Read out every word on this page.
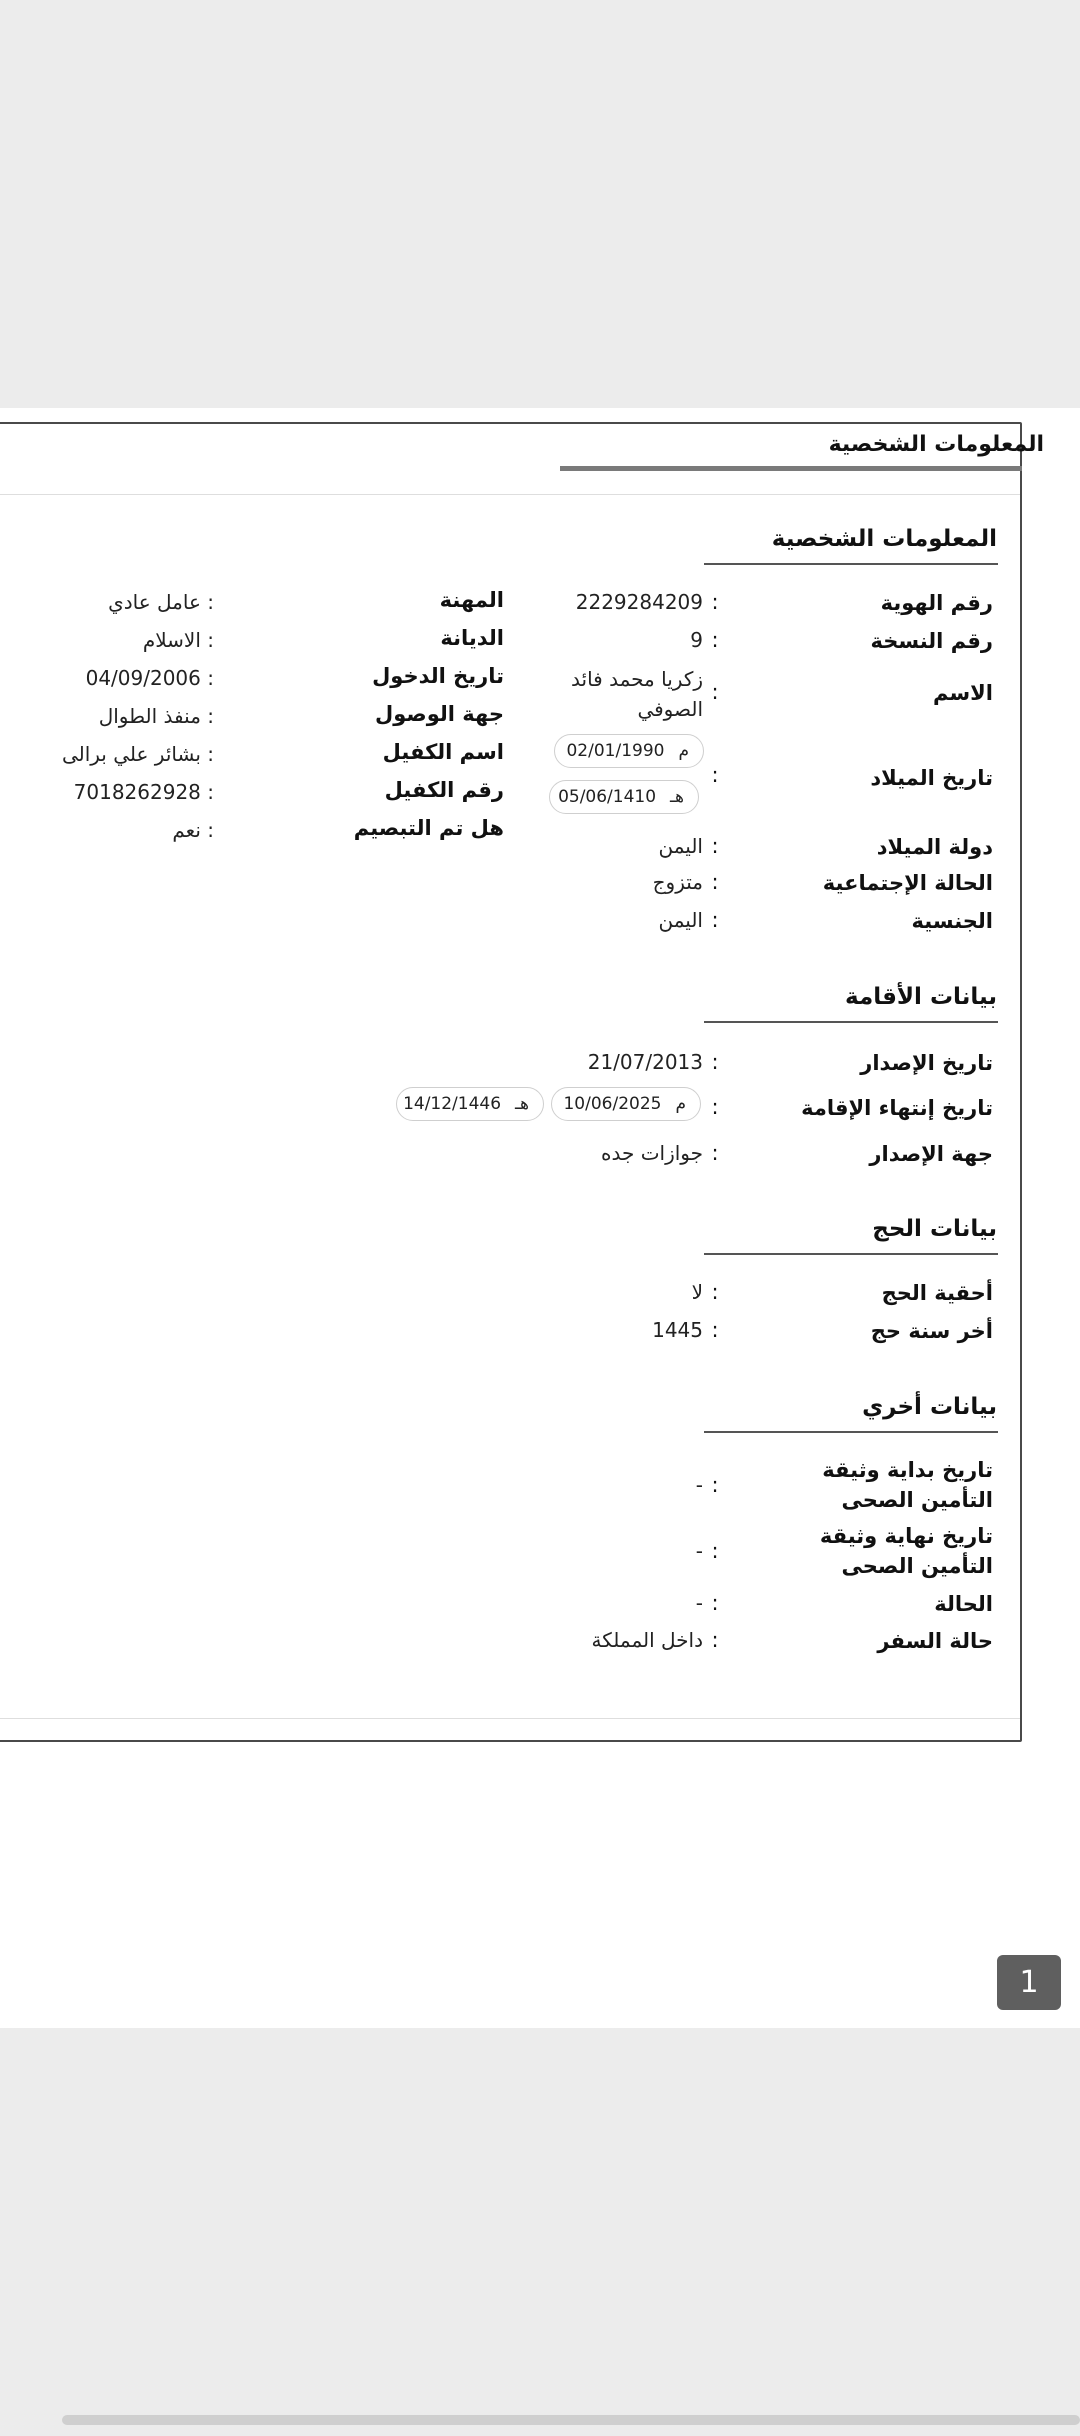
المعلومات الشخصية
المعلومات الشخصية
رقم الهوية
:
2229284209
رقم النسخة
:
9
الاسم
:
زكريا محمد فائد الصوفي
تاريخ الميلاد
:
م
02/01/1990
هـ
05/06/1410
دولة الميلاد
:
اليمن
الحالة الإجتماعية
:
متزوج
الجنسية
:
اليمن
المهنة
: عامل عادي
الديانة
: الاسلام
تاريخ الدخول
: 04/09/2006
جهة الوصول
: منفذ الطوال
اسم الكفيل
: بشائر علي برالى
رقم الكفيل
: 7018262928
هل تم التبصيم
: نعم
بيانات الأقامة
تاريخ الإصدار
:
21/07/2013
تاريخ إنتهاء الإقامة
:
م
10/06/2025
هـ
14/12/1446
جهة الإصدار
:
جوازات جده
بيانات الحج
أحقية الحج
:
لا
أخر سنة حج
:
1445
بيانات أخري
تاريخ بداية وثيقة التأمين الصحى
:
-
تاريخ نهاية وثيقة التأمين الصحى
:
-
الحالة
:
-
حالة السفر
:
داخل المملكة
1
